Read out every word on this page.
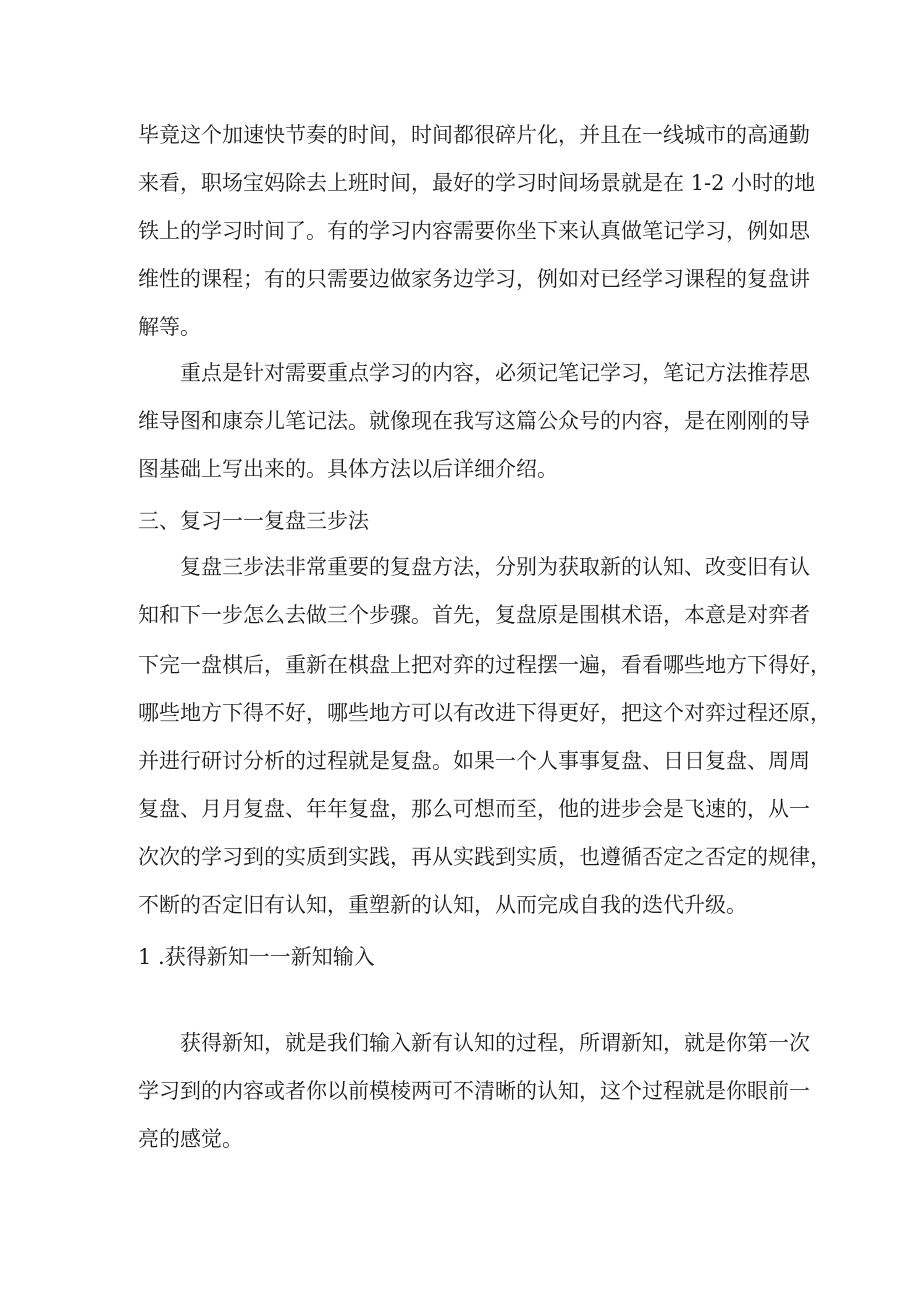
毕竟这个加速快节奏的时间，时间都很碎片化，并且在一线城市的高通勤

来看，职场宝妈除去上班时间，最好的学习时间场景就是在 1-2 小时的地

铁上的学习时间了。有的学习内容需要你坐下来认真做笔记学习，例如思

维性的课程；有的只需要边做家务边学习，例如对已经学习课程的复盘讲

解等。

重点是针对需要重点学习的内容，必须记笔记学习，笔记方法推荐思

维导图和康奈儿笔记法。就像现在我写这篇公众号的内容，是在刚刚的导

图基础上写出来的。具体方法以后详细介绍。

三、复习一一复盘三步法

复盘三步法非常重要的复盘方法，分别为获取新的认知、改变旧有认

知和下一步怎么去做三个步骤。首先，复盘原是围棋术语，本意是对弈者

下完一盘棋后，重新在棋盘上把对弈的过程摆一遍，看看哪些地方下得好，

哪些地方下得不好，哪些地方可以有改进下得更好，把这个对弈过程还原，

并进行研讨分析的过程就是复盘。如果一个人事事复盘、日日复盘、周周

复盘、月月复盘、年年复盘，那么可想而至，他的进步会是飞速的，从一

次次的学习到的实质到实践，再从实践到实质，也遵循否定之否定的规律，

不断的否定旧有认知，重塑新的认知，从而完成自我的迭代升级。

1 .获得新知一一新知输入

获得新知，就是我们输入新有认知的过程，所谓新知，就是你第一次

学习到的内容或者你以前模棱两可不清晰的认知，这个过程就是你眼前一

亮的感觉。
